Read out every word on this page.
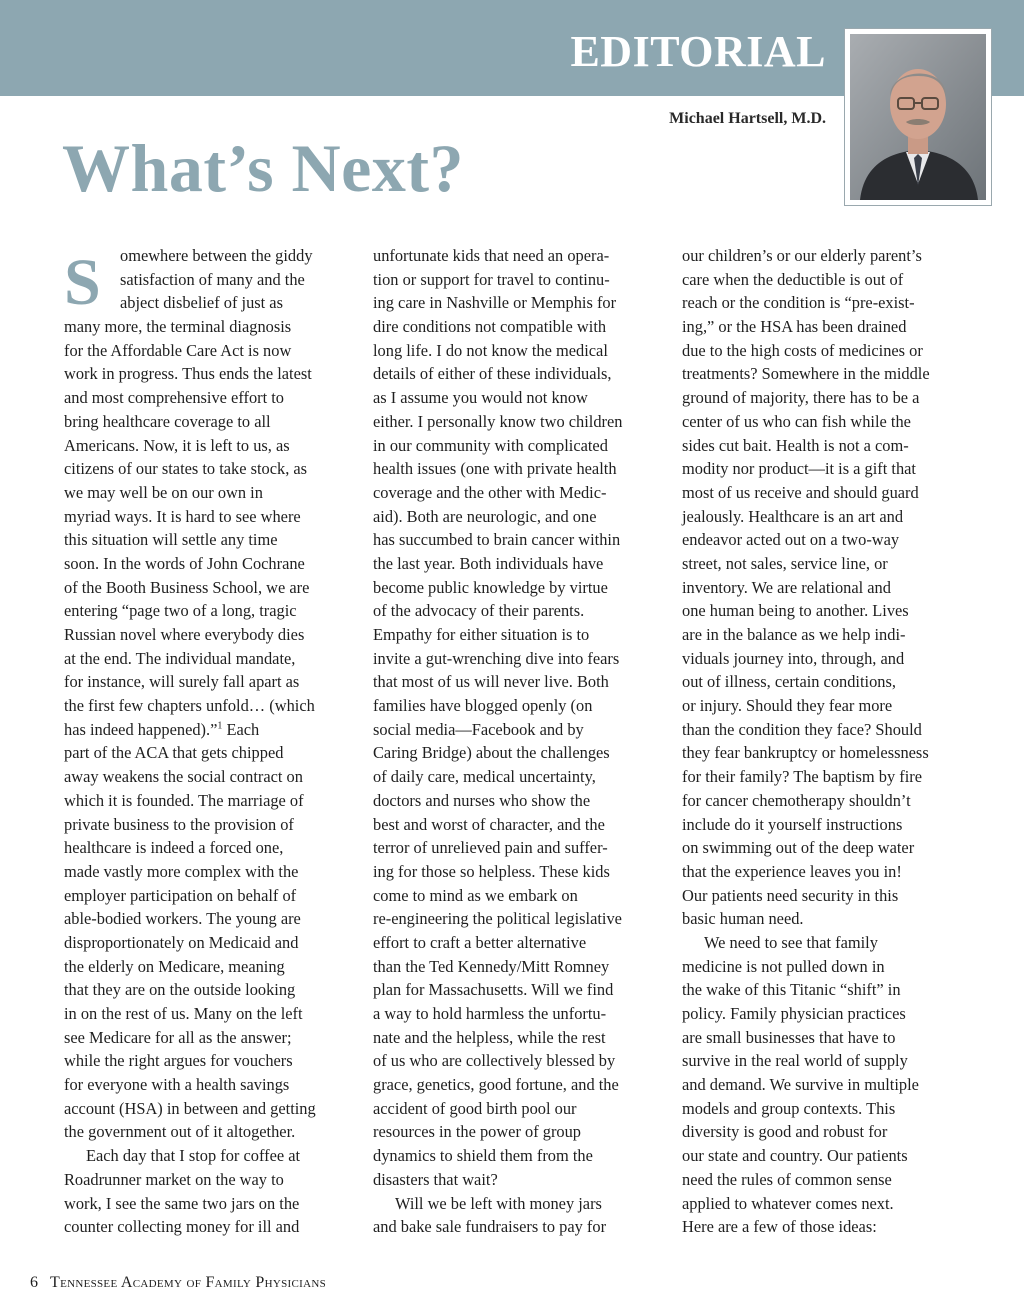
EDITORIAL
Michael Hartsell, M.D.
What’s Next?
S	omewhere between the giddy
satisfaction of many and the
abject disbelief of just as
many more, the terminal diagnosis
for the Affordable Care Act is now
work in progress. Thus ends the latest
and most comprehensive effort to
bring healthcare coverage to all
Americans. Now, it is left to us, as
citizens of our states to take stock, as
we may well be on our own in
myriad ways. It is hard to see where
this situation will settle any time
soon. In the words of John Cochrane
of the Booth Business School, we are
entering “page two of a long, tragic
Russian novel where everybody dies
at the end. The individual mandate,
for instance, will surely fall apart as
the first few chapters unfold… (which
has indeed happened).”$^1$ Each
part of the ACA that gets chipped
away weakens the social contract on
which it is founded. The marriage of
private business to the provision of
healthcare is indeed a forced one,
made vastly more complex with the
employer participation on behalf of
able-bodied workers. The young are
disproportionately on Medicaid and
the elderly on Medicare, meaning
that they are on the outside looking
in on the rest of us. Many on the left
see Medicare for all as the answer;
while the right argues for vouchers
for everyone with a health savings
account (HSA) in between and getting
the government out of it altogether.
Each day that I stop for coffee at
Roadrunner market on the way to
work, I see the same two jars on the
counter collecting money for ill and
unfortunate kids that need an opera-
tion or support for travel to continu-
ing care in Nashville or Memphis for
dire conditions not compatible with
long life. I do not know the medical
details of either of these individuals,
as I assume you would not know
either. I personally know two children
in our community with complicated
health issues (one with private health
coverage and the other with Medic-
aid). Both are neurologic, and one
has succumbed to brain cancer within
the last year. Both individuals have
become public knowledge by virtue
of the advocacy of their parents.
Empathy for either situation is to
invite a gut-wrenching dive into fears
that most of us will never live. Both
families have blogged openly (on
social media—Facebook and by
Caring Bridge) about the challenges
of daily care, medical uncertainty,
doctors and nurses who show the
best and worst of character, and the
terror of unrelieved pain and suffer-
ing for those so helpless. These kids
come to mind as we embark on
re-engineering the political legislative
effort to craft a better alternative
than the Ted Kennedy/Mitt Romney
plan for Massachusetts. Will we find
a way to hold harmless the unfortu-
nate and the helpless, while the rest
of us who are collectively blessed by
grace, genetics, good fortune, and the
accident of good birth pool our
resources in the power of group
dynamics to shield them from the
disasters that wait?
Will we be left with money jars
and bake sale fundraisers to pay for
our children’s or our elderly parent’s
care when the deductible is out of
reach or the condition is “pre-exist-
ing,” or the HSA has been drained
due to the high costs of medicines or
treatments? Somewhere in the middle
ground of majority, there has to be a
center of us who can fish while the
sides cut bait. Health is not a com-
modity nor product—it is a gift that
most of us receive and should guard
jealously. Healthcare is an art and
endeavor acted out on a two-way
street, not sales, service line, or
inventory. We are relational and
one human being to another. Lives
are in the balance as we help indi-
viduals journey into, through, and
out of illness, certain conditions,
or injury. Should they fear more
than the condition they face? Should
they fear bankruptcy or homelessness
for their family? The baptism by fire
for cancer chemotherapy shouldn’t
include do it yourself instructions
on swimming out of the deep water
that the experience leaves you in!
Our patients need security in this
basic human need.
We need to see that family
medicine is not pulled down in
the wake of this Titanic “shift” in
policy. Family physician practices
are small businesses that have to
survive in the real world of supply
and demand. We survive in multiple
models and group contexts. This
diversity is good and robust for
our state and country. Our patients
need the rules of common sense
applied to whatever comes next.
Here are a few of those ideas:
6 Tennessee Academy of Family Physicians
